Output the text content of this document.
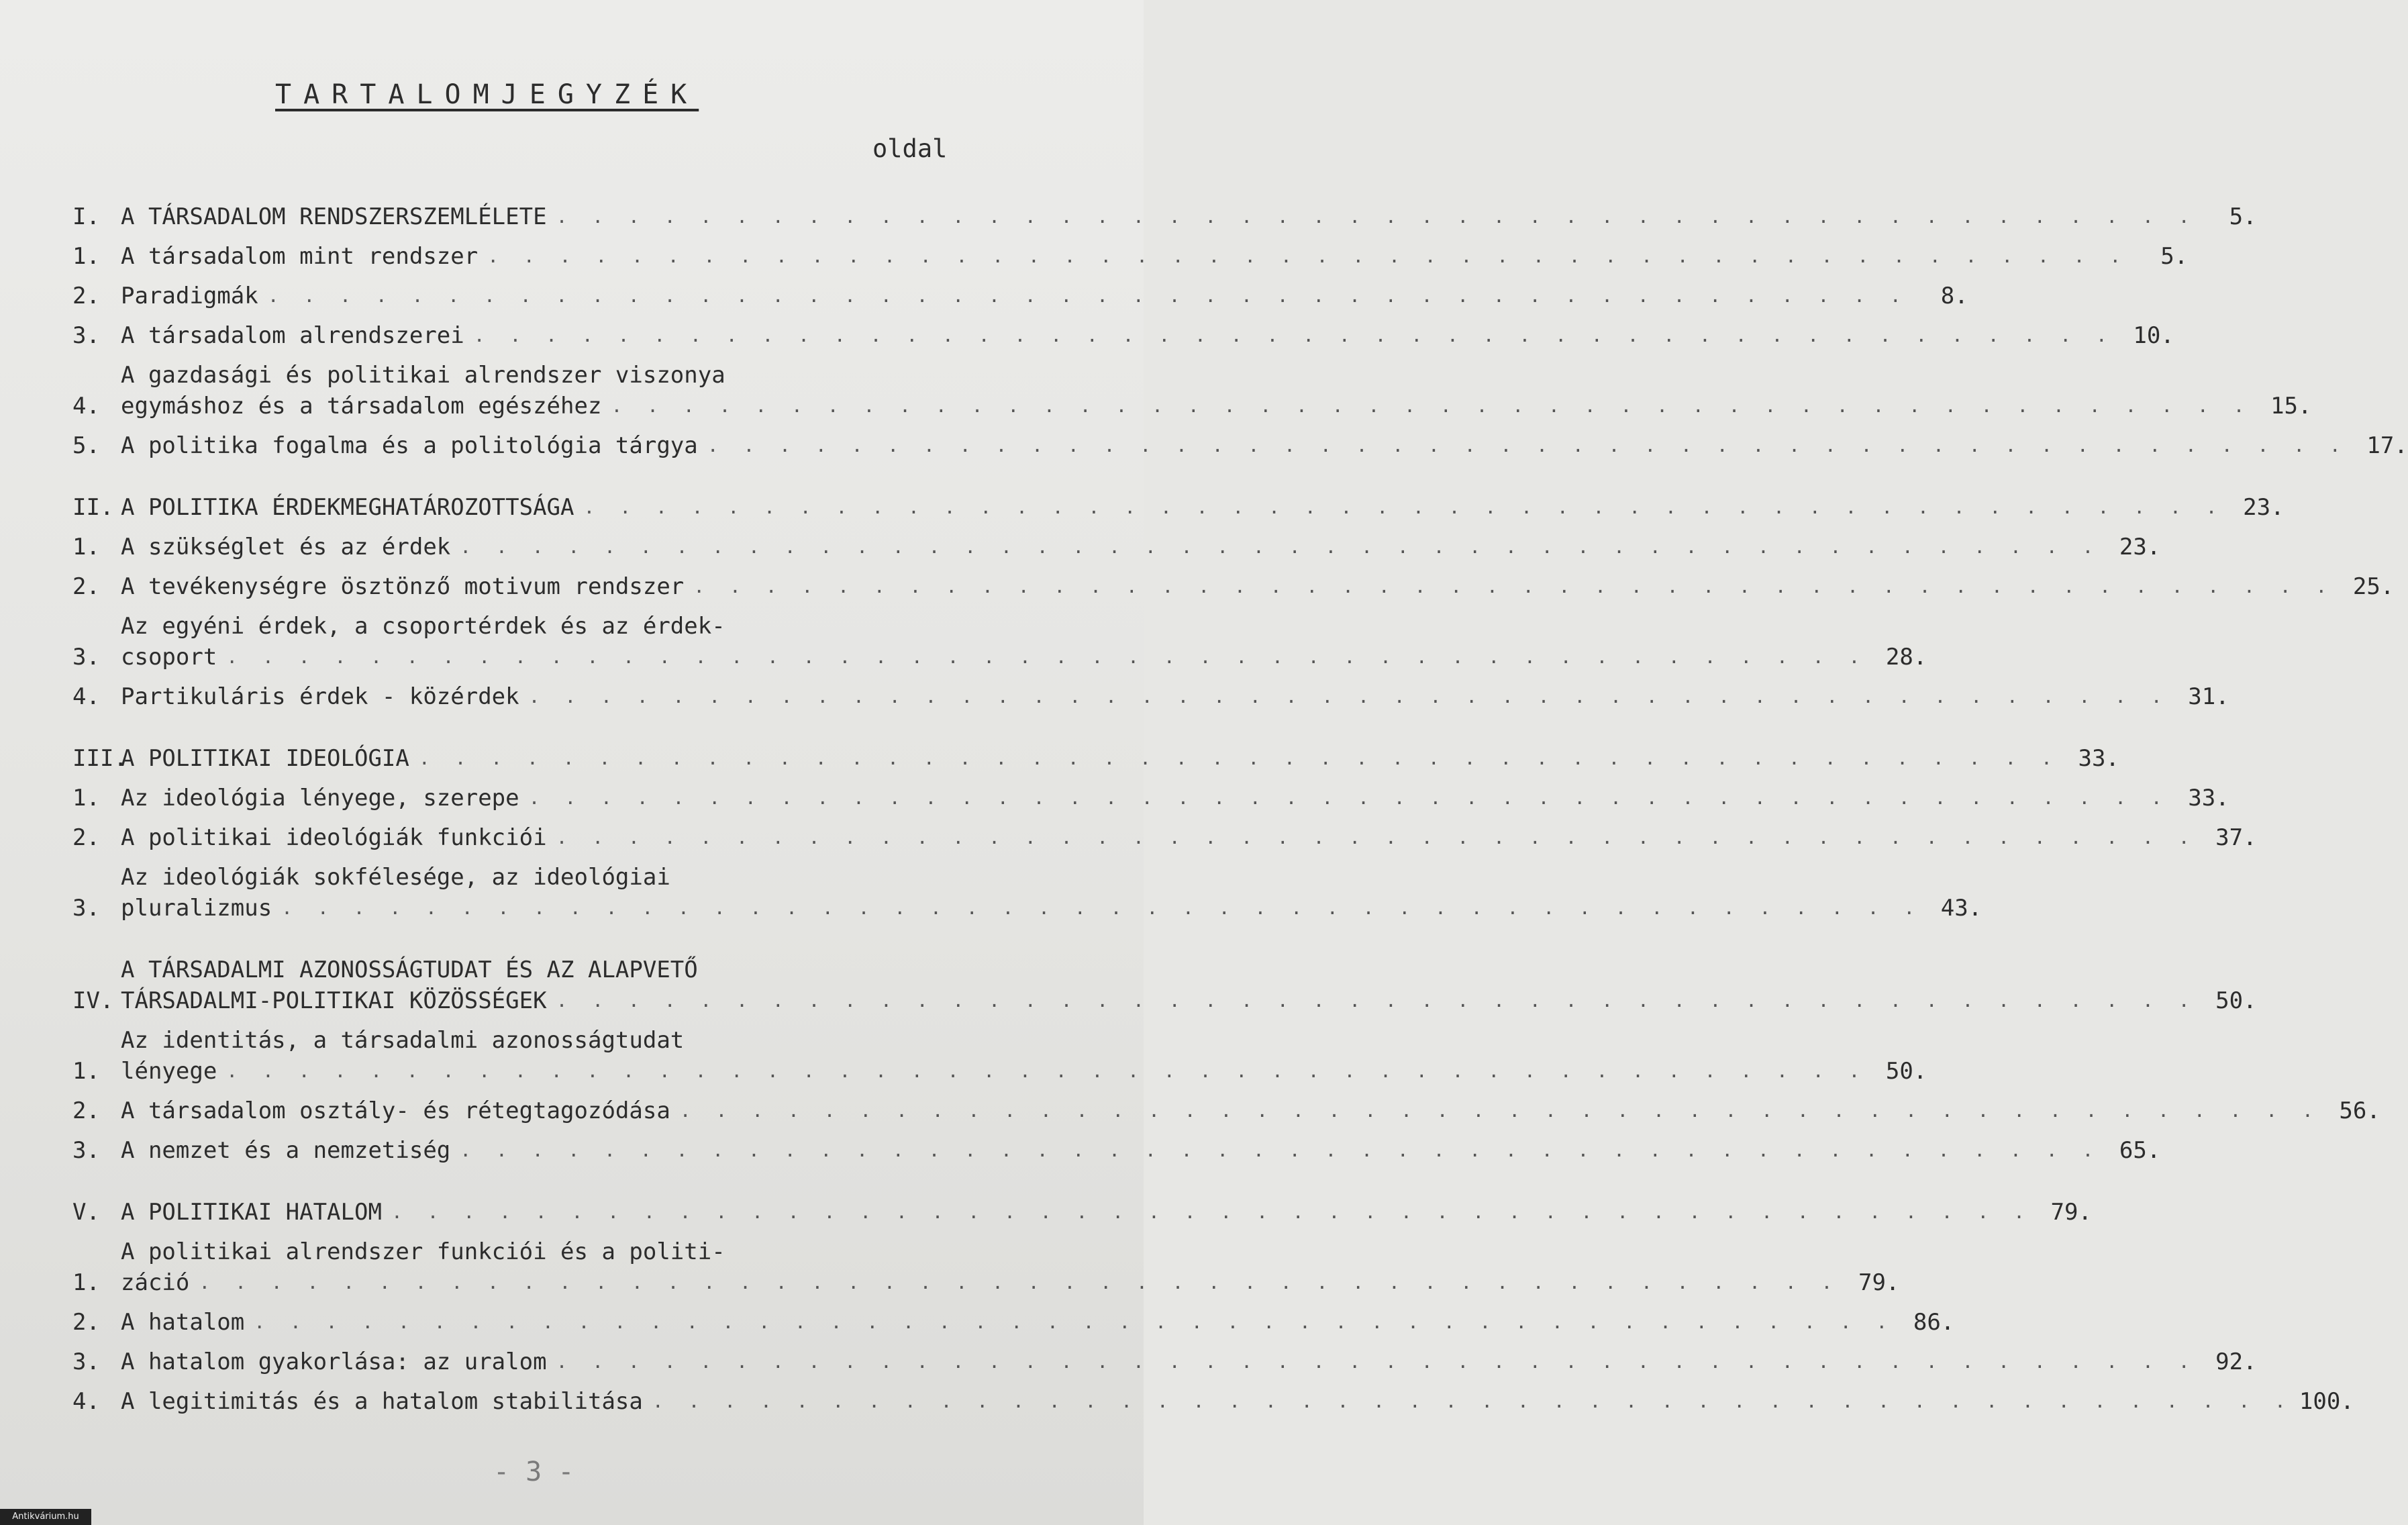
TARTALOMJEGYZÉK
oldal
I. A TÁRSADALOM RENDSZERSZEMLÉLETE . . . . . . . . . . . . . . . . . . . . . . . . . . . . . . . . . . . . . . . . . . . . . .	5.
1. A társadalom mint rendszer . . . . . . . . . . . . . . . . . . . . . . . . . . . . . . . . . . . . . . . . . . . . . .	5.
2. Paradigmák . . . . . . . . . . . . . . . . . . . . . . . . . . . . . . . . . . . . . . . . . . . . . .	8.
3. A társadalom alrendszerei . . . . . . . . . . . . . . . . . . . . . . . . . . . . . . . . . . . . . . . . . . . . . . 10.
4.
A gazdasági és politikai alrendszer viszonya
egymáshoz és a társadalom egészéhez . . . . . . . . . . . . . . . . . . . . . . . . . . . . . . . . . . . . . . . . . . . . . . 15.
5. A politika fogalma és a politológia tárgya . . . . . . . . . . . . . . . . . . . . . . . . . . . . . . . . . . . . . . . . . . . . . . 17.
II. A POLITIKA ÉRDEKMEGHATÁROZOTTSÁGA . . . . . . . . . . . . . . . . . . . . . . . . . . . . . . . . . . . . . . . . . . . . . . 23.
1. A szükséglet és az érdek . . . . . . . . . . . . . . . . . . . . . . . . . . . . . . . . . . . . . . . . . . . . . . 23.
2. A tevékenységre ösztönző motivum rendszer . . . . . . . . . . . . . . . . . . . . . . . . . . . . . . . . . . . . . . . . . . . . . . 25.
3.
Az egyéni érdek, a csoportérdek és az érdek-
csoport . . . . . . . . . . . . . . . . . . . . . . . . . . . . . . . . . . . . . . . . . . . . . . 28.
4. Partikuláris érdek - közérdek . . . . . . . . . . . . . . . . . . . . . . . . . . . . . . . . . . . . . . . . . . . . . . 31.
III.
A POLITIKAI IDEOLÓGIA . . . . . . . . . . . . . . . . . . . . . . . . . . . . . . . . . . . . . . . . . . . . . . 33.
1. Az ideológia lényege, szerepe . . . . . . . . . . . . . . . . . . . . . . . . . . . . . . . . . . . . . . . . . . . . . . 33.
2. A politikai ideológiák funkciói . . . . . . . . . . . . . . . . . . . . . . . . . . . . . . . . . . . . . . . . . . . . . . 37.
3.
Az ideológiák sokfélesége, az ideológiai
pluralizmus . . . . . . . . . . . . . . . . . . . . . . . . . . . . . . . . . . . . . . . . . . . . . . 43.
IV.
A TÁRSADALMI AZONOSSÁGTUDAT ÉS AZ ALAPVETŐ
TÁRSADALMI-POLITIKAI KÖZÖSSÉGEK . . . . . . . . . . . . . . . . . . . . . . . . . . . . . . . . . . . . . . . . . . . . . . 50.
1.
Az identitás, a társadalmi azonosságtudat
lényege . . . . . . . . . . . . . . . . . . . . . . . . . . . . . . . . . . . . . . . . . . . . . . 50.
2. A társadalom osztály- és rétegtagozódása . . . . . . . . . . . . . . . . . . . . . . . . . . . . . . . . . . . . . . . . . . . . . . 56.
3. A nemzet és a nemzetiség . . . . . . . . . . . . . . . . . . . . . . . . . . . . . . . . . . . . . . . . . . . . . . 65.
V. A POLITIKAI HATALOM . . . . . . . . . . . . . . . . . . . . . . . . . . . . . . . . . . . . . . . . . . . . . . 79.
1.
A politikai alrendszer funkciói és a politi-
záció . . . . . . . . . . . . . . . . . . . . . . . . . . . . . . . . . . . . . . . . . . . . . . 79.
2. A hatalom . . . . . . . . . . . . . . . . . . . . . . . . . . . . . . . . . . . . . . . . . . . . . . 86.
3. A hatalom gyakorlása: az uralom . . . . . . . . . . . . . . . . . . . . . . . . . . . . . . . . . . . . . . . . . . . . . . 92.
4. A legitimitás és a hatalom stabilitása . . . . . . . . . . . . . . . . . . . . . . . . . . . . . . . . . . . . . . . . . . . . . . 100.
- 3 -
Antikvárium.hu
